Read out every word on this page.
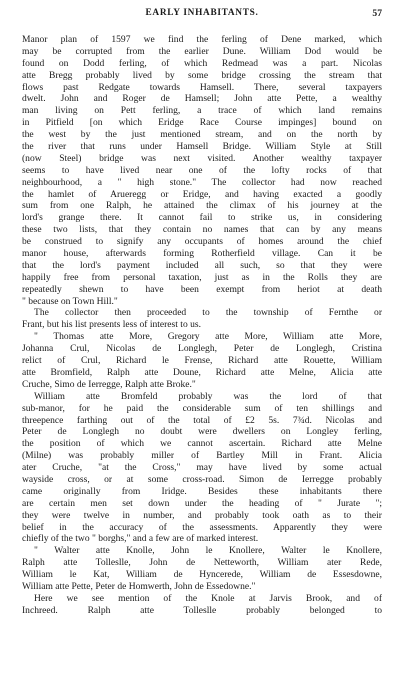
EARLY INHABITANTS.	57
Manor plan of 1597 we find the ferling of Dene marked, which
may be corrupted from the earlier Dune. William Dod would be
found on Dodd ferling, of which Redmead was a part. Nicolas
atte Bregg probably lived by some bridge crossing the stream that
flows past Redgate towards Hamsell. There, several taxpayers
dwelt. John and Roger de Hamsell; John atte Pette, a wealthy
man living on Pett ferling, a trace of which land remains
in Pitfield [on which Eridge Race Course impinges] bound on
the west by the just mentioned stream, and on the north by
the river that runs under Hamsell Bridge. William Style at Still
(now Steel) bridge was next visited. Another wealthy taxpayer
seems to have lived near one of the lofty rocks of that
neighbourhood, a " high stone." The collector had now reached
the hamlet of Arueregg or Eridge, and having exacted a goodly
sum from one Ralph, he attained the climax of his journey at the
lord's grange there. It cannot fail to strike us, in considering
these two lists, that they contain no names that can by any means
be construed to signify any occupants of homes around the chief
manor house, afterwards forming Rotherfield village. Can it be
that the lord's payment included all such, so that they were
happily free from personal taxation, just as in the Rolls they are
repeatedly shewn to have been exempt from heriot at death
" because on Town Hill."
The collector then proceeded to the township of Fernthe or
Frant, but his list presents less of interest to us.
" Thomas atte More, Gregory atte More, William atte More,
Johanna Crul, Nicolas de Longlegh, Peter de Longlegh, Cristina
relict of Crul, Richard le Frense, Richard atte Rouette, William
atte Bromfield, Ralph atte Doune, Richard atte Melne, Alicia atte
Cruche, Simo de Ierregge, Ralph atte Broke."
William atte Bromfeld probably was the lord of that
sub-manor, for he paid the considerable sum of ten shillings and
threepence farthing out of the total of £2 5s. 7¾d. Nicolas and
Peter de Longlegh no doubt were dwellers on Longley ferling,
the position of which we cannot ascertain. Richard atte Melne
(Milne) was probably miller of Bartley Mill in Frant. Alicia
ater Cruche, "at the Cross," may have lived by some actual
wayside cross, or at some cross-road. Simon de Ierregge probably
came originally from Iridge. Besides these inhabitants there
are certain men set down under the heading of " Jurate ";
they were twelve in number, and probably took oath as to their
belief in the accuracy of the assessments. Apparently they were
chiefly of the two " borghs," and a few are of marked interest.
" Walter atte Knolle, John le Knollere, Walter le Knollere,
Ralph atte Tolleslle, John de Netteworth, William ater Rede,
William le Kat, William de Hyncerede, William de Essesdowne,
William atte Pette, Peter de Homwerth, John de Essedowne."
Here we see mention of the Knole at Jarvis Brook, and of
Inchreed. Ralph atte Tolleslle probably belonged to
